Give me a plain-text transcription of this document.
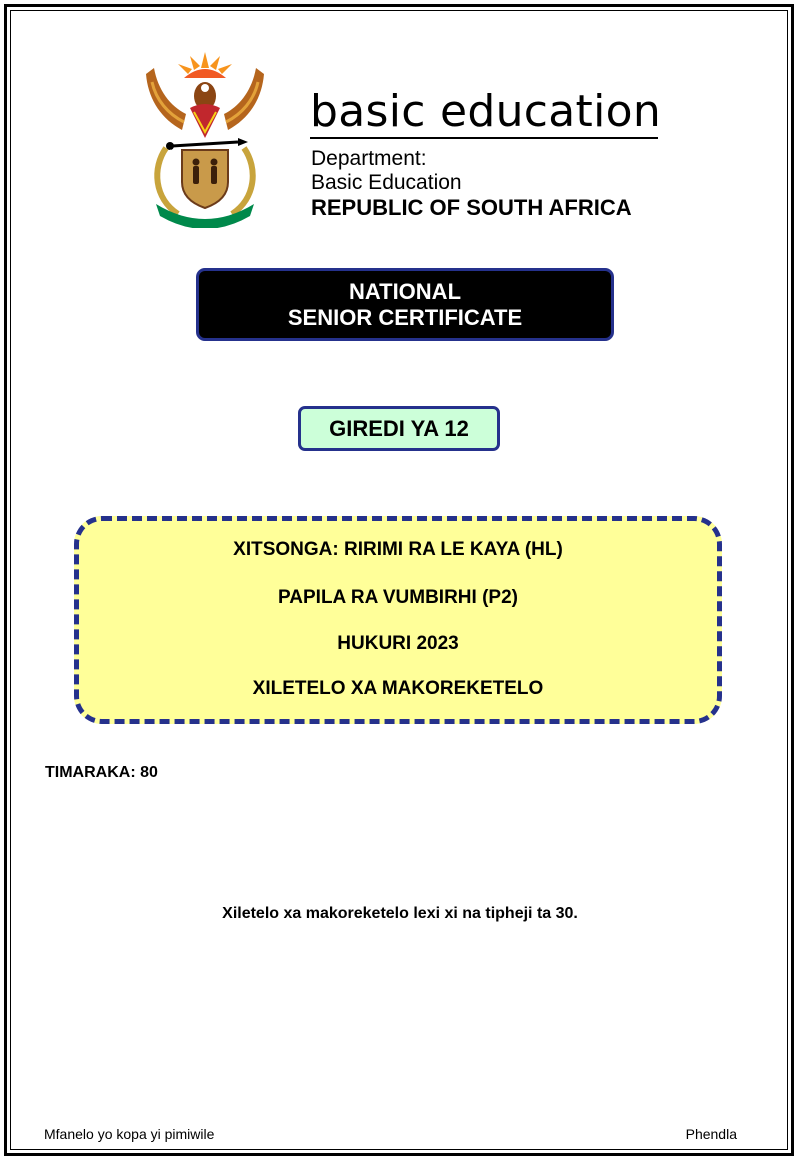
basic education
Department:
Basic Education
REPUBLIC OF SOUTH AFRICA
NATIONAL
SENIOR CERTIFICATE
GIREDI YA 12
XITSONGA: RIRIMI RA LE KAYA (HL)
PAPILA RA VUMBIRHI (P2)
HUKURI 2023
XILETELO XA MAKOREKETELO
TIMARAKA: 80
Xiletelo xa makoreketelo lexi xi na tipheji ta 30.
Mfanelo yo kopa yi pimiwile	Phendla
